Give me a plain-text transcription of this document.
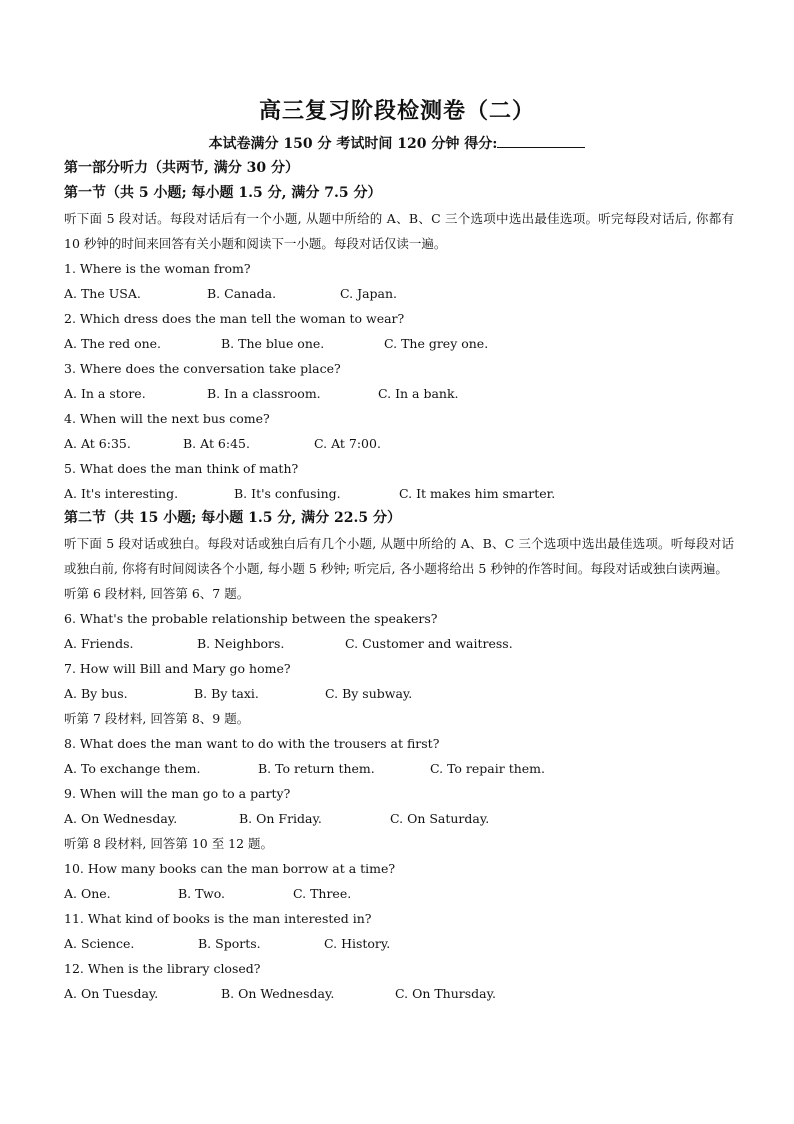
高三复习阶段检测卷（二）
本试卷满分 150 分 考试时间 120 分钟 得分:
第一部分听力（共两节, 满分 30 分）
第一节（共 5 小题; 每小题 1.5 分, 满分 7.5 分）
听下面 5 段对话。每段对话后有一个小题, 从题中所给的 A、B、C 三个选项中选出最佳选项。听完每段对话后, 你都有 10 秒钟的时间来回答有关小题和阅读下一小题。每段对话仅读一遍。
1. Where is the woman from?
A. The USA.	B. Canada.	C. Japan.
2. Which dress does the man tell the woman to wear?
A. The red one.	B. The blue one.	C. The grey one.
3. Where does the conversation take place?
A. In a store.	B. In a classroom.	C. In a bank.
4. When will the next bus come?
A. At 6:35.	B. At 6:45.	C. At 7:00.
5. What does the man think of math?
A. It's interesting.	B. It's confusing.	C. It makes him smarter.
第二节（共 15 小题; 每小题 1.5 分, 满分 22.5 分）
听下面 5 段对话或独白。每段对话或独白后有几个小题, 从题中所给的 A、B、C 三个选项中选出最佳选项。听每段对话或独白前, 你将有时间阅读各个小题, 每小题 5 秒钟; 听完后, 各小题将给出 5 秒钟的作答时间。每段对话或独白读两遍。
听第 6 段材料, 回答第 6、7 题。
6. What's the probable relationship between the speakers?
A. Friends.	B. Neighbors.	C. Customer and waitress.
7. How will Bill and Mary go home?
A. By bus.	B. By taxi.	C. By subway.
听第 7 段材料, 回答第 8、9 题。
8. What does the man want to do with the trousers at first?
A. To exchange them.	B. To return them.	C. To repair them.
9. When will the man go to a party?
A. On Wednesday.	B. On Friday.	C. On Saturday.
听第 8 段材料, 回答第 10 至 12 题。
10. How many books can the man borrow at a time?
A. One.	B. Two.	C. Three.
11. What kind of books is the man interested in?
A. Science.	B. Sports.	C. History.
12. When is the library closed?
A. On Tuesday.	B. On Wednesday.	C. On Thursday.
